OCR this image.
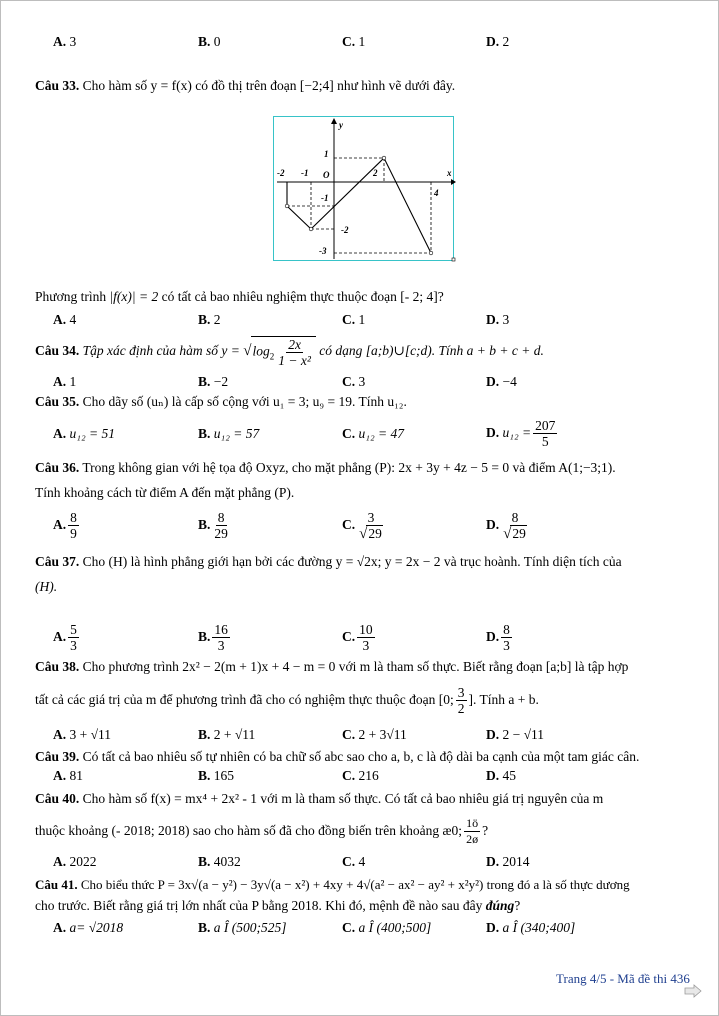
A. 3	B. 0	C. 1	D. 2
Câu 33. Cho hàm số y = f(x) có đồ thị trên đoạn [−2;4] như hình vẽ dưới đây.
y
x
O
-2 -1	2
4
1
-1
-2
-3
Phương trình |f(x)| = 2 có tất cả bao nhiêu nghiệm thực thuộc đoạn [- 2; 4]?
A. 4	B. 2	C. 1	D. 3
Câu 34. Tập xác định của hàm số $y = √\log_2 \frac{2x}{\text{1 − x²}}$ có dạng [a;b)∪[c;d). Tính a + b + c + d.
A. 1	B. −2	C. 3	D. −4
Câu 35. Cho dãy số (uₙ) là cấp số cộng với u₁ = 3; u₉ = 19. Tính u₁₂.
A. u₁₂ = 51	B. u₁₂ = 57	C. u₁₂ = 47	D. $u_{12} = \frac{207}{5}$
Câu 36. Trong không gian với hệ tọa độ Oxyz, cho mặt phẳng (P): 2x + 3y + 4z − 5 = 0 và điểm A(1;−3;1).
Tính khoảng cách từ điểm A đến mặt phẳng (P).
A. $\frac{8}{9}$	B. $\frac{8}{29}$	C. $\frac{3}{√29}$	D. $\frac{8}{√29}$
Câu 37. Cho (H) là hình phẳng giới hạn bởi các đường y = √2x; y = 2x − 2 và trục hoành. Tính diện tích của
(H).
A. $\frac{5}{3}$	B. $\frac{16}{3}$	C. $\frac{10}{3}$	D. $\frac{8}{3}$
Câu 38. Cho phương trình 2x² − 2(m + 1)x + 4 − m = 0 với m là tham số thực. Biết rằng đoạn [a;b] là tập hợp
tất cả các giá trị của m để phương trình đã cho có nghiệm thực thuộc đoạn [0; $\frac{3}{2}$ ]. Tính a + b.
A. 3 + √11	B. 2 + √11	C. 2 + 3√11	D. 2 − √11
Câu 39. Có tất cả bao nhiêu số tự nhiên có ba chữ số abc sao cho a, b, c là độ dài ba cạnh của một tam giác cân.
A. 81	B. 165	C. 216	D. 45
Câu 40. Cho hàm số f(x) = mx⁴ + 2x² - 1 với m là tham số thực. Có tất cả bao nhiêu giá trị nguyên của m
thuộc khoảng (- 2018; 2018) sao cho hàm số đã cho đồng biến trên khoảng æ0; $\frac{1ö}{2ø}$ ?
A. 2022	B. 4032	C. 4	D. 2014
Câu 41. Cho biểu thức P = 3x√(a − y²) − 3y√(a − x²) + 4xy + 4√(a² − ax² − ay² + x²y²) trong đó a là số thực dương
cho trước. Biết rằng giá trị lớn nhất của P bằng 2018. Khi đó, mệnh đề nào sau đây đúng?
A. a= √2018	B. a Î (500;525]	C. a Î (400;500]	D. a Î (340;400]
Trang 4/5 - Mã đề thi 436
